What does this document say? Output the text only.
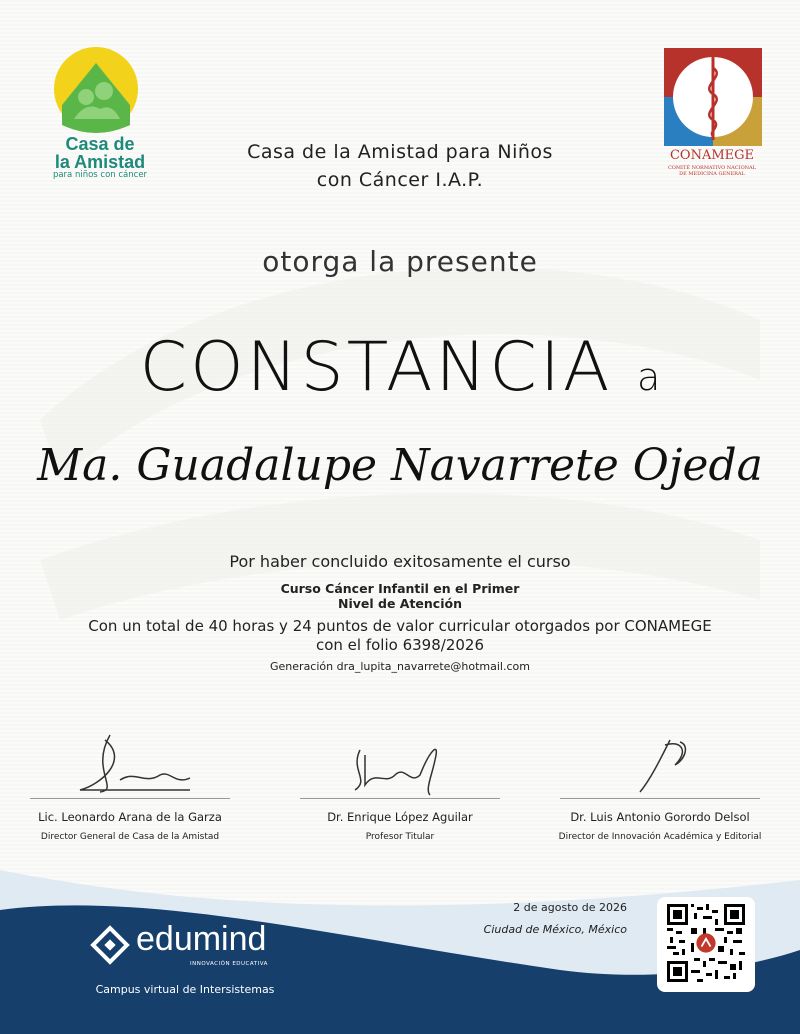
Casa de
la Amistad
para niños con cáncer
CONAMEGE
COMITÉ NORMATIVO NACIONAL
DE MEDICINA GENERAL
Casa de la Amistad para Niños
con Cáncer I.A.P.
otorga la presente
CONSTANCIA a
Ma. Guadalupe Navarrete Ojeda
Por haber concluido exitosamente el curso
Curso Cáncer Infantil en el Primer
Nivel de Atención
Con un total de 40 horas y 24 puntos de valor curricular otorgados por CONAMEGE
con el folio 6398/2026
Generación dra_lupita_navarrete@hotmail.com
Lic. Leonardo Arana de la Garza
Director General de Casa de la Amistad
Dr. Enrique López Aguilar
Profesor Titular
Dr. Luis Antonio Gorordo Delsol
Director de Innovación Académica y Editorial
edumind
INNOVACIÓN EDUCATIVA
Campus virtual de Intersistemas
2 de agosto de 2026
Ciudad de México, México
